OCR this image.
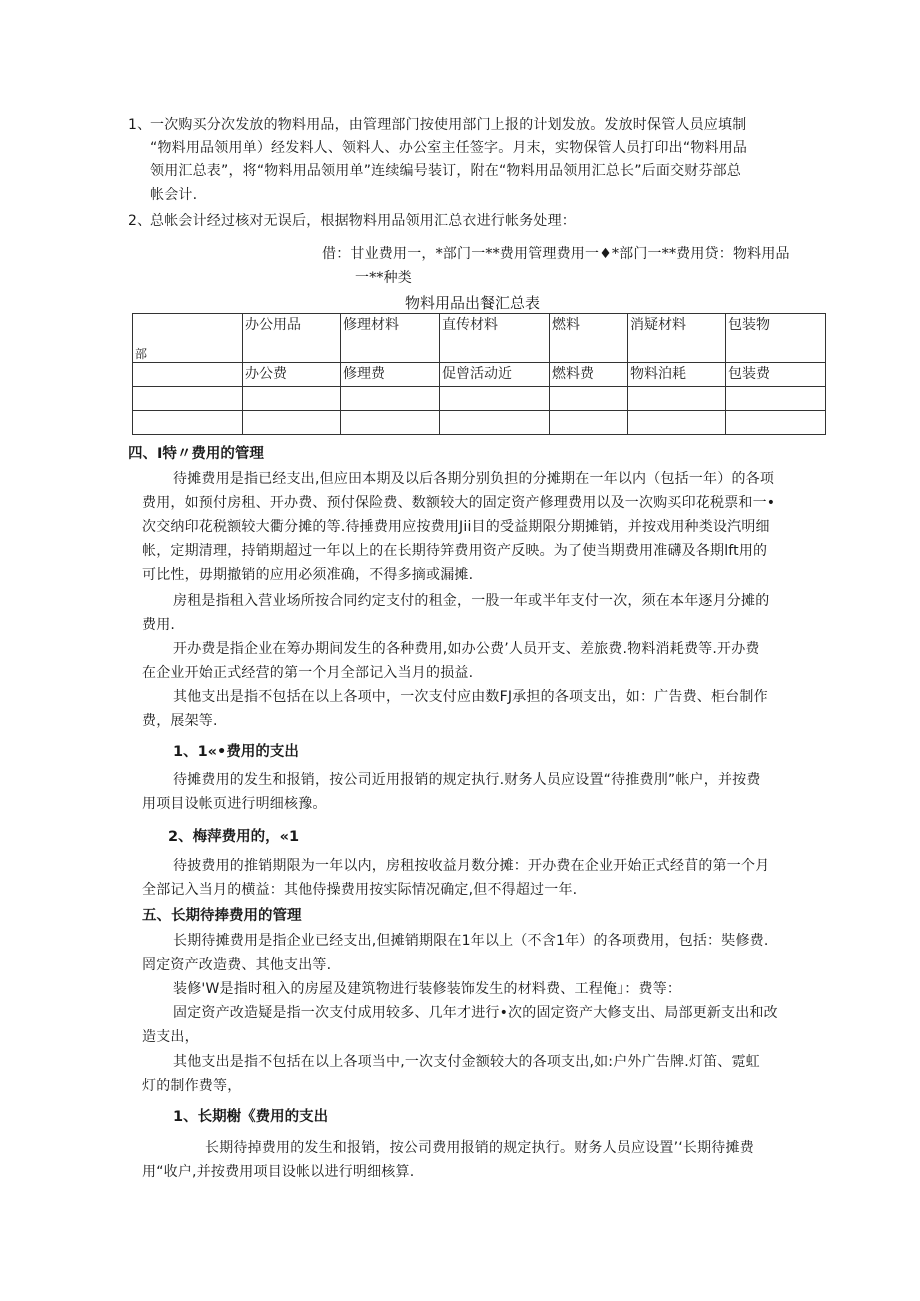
1、
一次购买分次发放的物料用品，由管理部门按使用部门上报的计划发放。发放时保管人员应填制
“物料用品领用单）经发料人、领料人、办公室主任签字。月末，实物保管人员打印出“物料用品
领用汇总表”，将“物料用品领用单”连续编号装订，附在“物料用品领用汇总长”后面交财芬部总
帐会计.
2、
总帐会计经过核对无误后，根据物料用品领用汇总衣进行帐务处理：
借：甘业费用一，*部门一**费用管理费用一♦*部门一**费用贷：物料用品
一**种类
物料用品出餐汇总表
部	办公用品	修理材料	直传材料	燃料	消疑材料	包装物
	办公费	修理费	促曾活动近	燃料费	物料泊耗	包装费

四、I特〃费用的管理
待摊费用是指已经支出,但应田本期及以后各期分别负担的分摊期在一年以内（包括一年）的各项
费用，如预付房租、开办费、预付保险费、数额较大的固定资产修理费用以及一次购买印花税票和一•
次交纳印花税额较大衢分摊的等.待捶费用应按费用Jii目的受益期限分期摊销，并按戏用种类设汽明细
帐，定期清理，持销期超过一年以上的在长期待笄费用资产反映。为了使当期费用准礴及各期lft用的
可比性，毋期撤销的应用必须准确，不得多摘或漏摊.
房租是指租入营业场所按合同约定支付的租金，一股一年或半年支付一次，须在本年逐月分摊的
费用.
开办费是指企业在筹办期间发生的各种费用,如办公费’人员开支、差旅费.物料消耗费等.开办费
在企业开始正式经营的第一个月全部记入当月的损益.
其他支出是指不包括在以上各项中，一次支付应由数FJ承担的各项支出，如：广告费、柜台制作
费，展架等.
1、1«•费用的支出
待摊费用的发生和报销，按公司近用报销的规定执行.财务人员应设置“待推费刖”帐户，并按费
用项目设帐页进行明细核豫。
2、梅萍费用的，«1
待披费用的推销期限为一年以内，房租按收益月数分摊：开办费在企业开始正式经苜的第一个月
全部记入当月的横益：其他侍操费用按实际情况确定,但不得超过一年.
五、长期待捧费用的管理
长期待摊费用是指企业已经支出,但摊销期限在1年以上（不含1年）的各项费用，包括：奘修费.
罔定资产改造费、其他支出等.
装修'W是指时租入的房屋及建筑物进行装修装饰发生的材料费、工程俺」：费等：
固定资产改造疑是指一次支付成用较多、几年才进行•次的固定资产大修支出、局部更新支出和改
造支出，
其他支出是指不包括在以上各项当中,一次支付金额较大的各项支出,如:户外广告牌.灯笛、霓虹
灯的制作费等，
1、长期榭《费用的支出
长期待掉费用的发生和报销，按公司费用报销的规定执行。财务人员应设置’‘长期待摊费
用“收户,并按费用项目设帐以进行明细核算.
